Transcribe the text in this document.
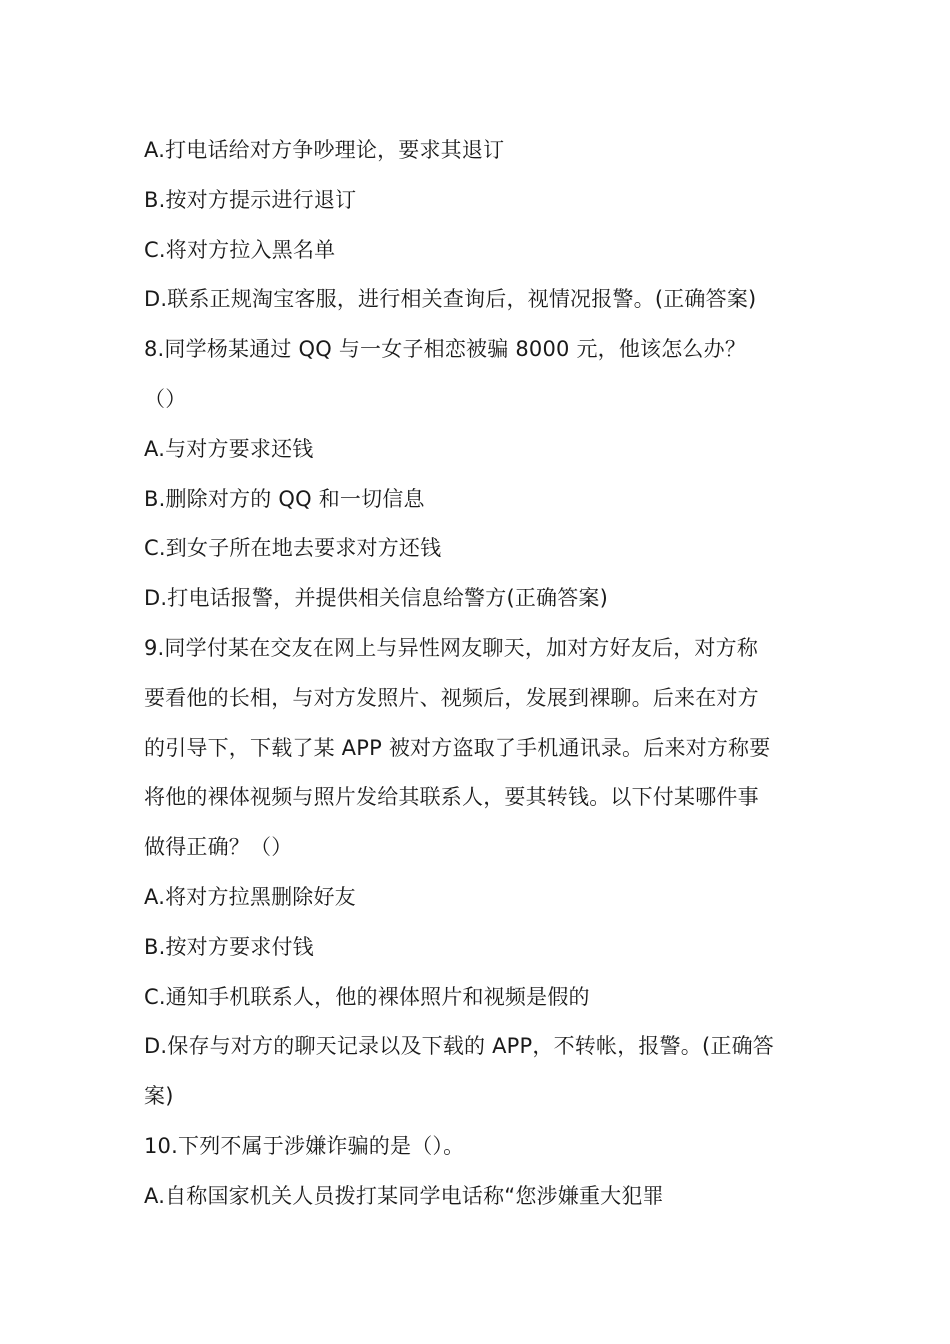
A.打电话给对方争吵理论，要求其退订
B.按对方提示进行退订
C.将对方拉入黑名单
D.联系正规淘宝客服，进行相关查询后，视情况报警。(正确答案)
8.同学杨某通过 QQ 与一女子相恋被骗 8000 元，他该怎么办？
（）
A.与对方要求还钱
B.删除对方的 QQ 和一切信息
C.到女子所在地去要求对方还钱
D.打电话报警，并提供相关信息给警方(正确答案)
9.同学付某在交友在网上与异性网友聊天，加对方好友后，对方称
要看他的长相，与对方发照片、视频后，发展到裸聊。后来在对方
的引导下，下载了某 APP 被对方盗取了手机通讯录。后来对方称要
将他的裸体视频与照片发给其联系人，要其转钱。以下付某哪件事
做得正确？（）
A.将对方拉黑删除好友
B.按对方要求付钱
C.通知手机联系人，他的裸体照片和视频是假的
D.保存与对方的聊天记录以及下载的 APP，不转帐，报警。(正确答
案)
10.下列不属于涉嫌诈骗的是（）。
A.自称国家机关人员拨打某同学电话称“您涉嫌重大犯罪
